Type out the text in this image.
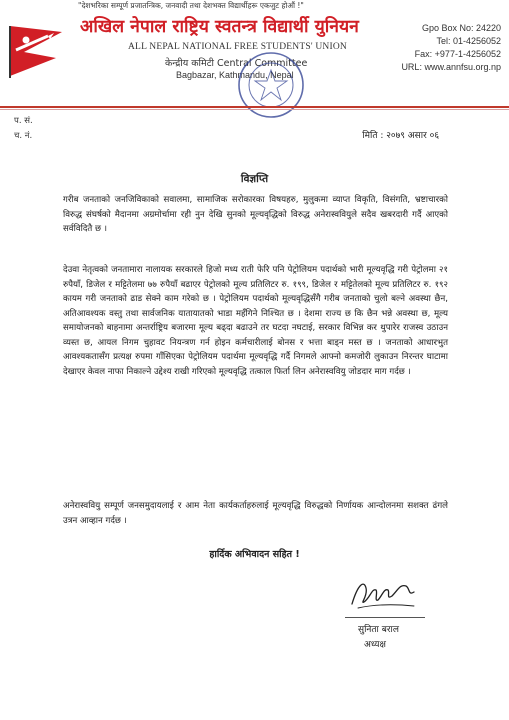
"देशभरिका सम्पूर्ण प्रजातन्त्रिक, जनवादी तथा देशभक्त विद्यार्थीहरू एकजुट होऔं !"
अखिल नेपाल राष्ट्रिय स्वतन्त्र विद्यार्थी युनियन
ALL NEPAL NATIONAL FREE STUDENTS' UNION
केन्द्रीय कमिटी Central Committee
Bagbazar, Kathmandu, Nepal
Gpo Box No: 24220
Tel: 01-4256052
Fax: +977-1-4256052
URL: www.annfsu.org.np
प. सं.
च. नं.	मिति : २०७९ असार ०६
विज्ञप्ति

गरीब जनताको जनजिविकाको सवालमा, सामाजिक सरोकारका विषयहरु, मुलुकमा व्याप्त विकृति, विसंगति, भ्रष्टाचारको विरुद्ध संघर्षको मैदानमा अग्रमोर्चामा रही नुन देखि सुनको मूल्यवृद्धिको विरुद्ध अनेरास्ववियुले सदैव खबरदारी गर्दै आएको सर्वविदितै छ ।

देउवा नेतृत्वको जनतामारा नालायक सरकारले हिजो मध्य राती फेरि पनि पेट्रोलियम पदार्थको भारी मूल्यवृद्धि गरी पेट्रोलमा २१ रुपैयाँ, डिजेल र मट्टितेलमा ७७ रुपैयाँ बढाएर पेट्रोलको मूल्य प्रतिलिटर रु. १९९, डिजेल र मट्टितेलको मूल्य प्रतिलिटर रु. १९२ कायम गरी जनताको ढाड सेक्ने काम गरेको छ । पेट्रोलियम पदार्थको मूल्यवृद्धिसँगै गरीब जनताको चुलो बल्ने अवस्था छैन, अतिआवश्यक वस्तु तथा सार्वजनिक यातायातको भाडा महँगिने निश्चित छ । देशमा राज्य छ कि छैन भन्ने अवस्था छ, मूल्य समायोजनको बाहनामा अन्तर्राष्ट्रिय बजारमा मूल्य बढ्दा बढाउने तर घटदा नघटाई, सरकार विभिन्न कर थुपारेर राजस्व उठाउन व्यस्त छ, आयल निगम चुहावट नियन्त्रण गर्न होइन कर्मचारीलाई बोनस र भत्ता बाड्न मस्त छ । जनताको आधारभुत आवश्यकतासँग प्रत्यक्ष रुपमा गाँसिएका पेट्रोलियम पदार्थमा मूल्यवृद्धि गर्दै निगमले आफ्नो कमजोरी लुकाउन निरन्तर घाटामा देखाएर केवल नाफा निकाल्ने उद्देश्य राखी गरिएको मूल्यवृद्धि तत्काल फिर्ता लिन अनेरास्ववियु जोडदार माग गर्दछ ।

अनेरास्ववियु सम्पूर्ण जनसमुदायलाई र आम नेता कार्यकर्ताहरुलाई मूल्यवृद्धि विरुद्धको निर्णायक आन्दोलनमा सशक्त ढंगले उत्रन आव्हान गर्दछ ।

हार्दिक अभिवादन सहित !
सुनिता बराल
अध्यक्ष
